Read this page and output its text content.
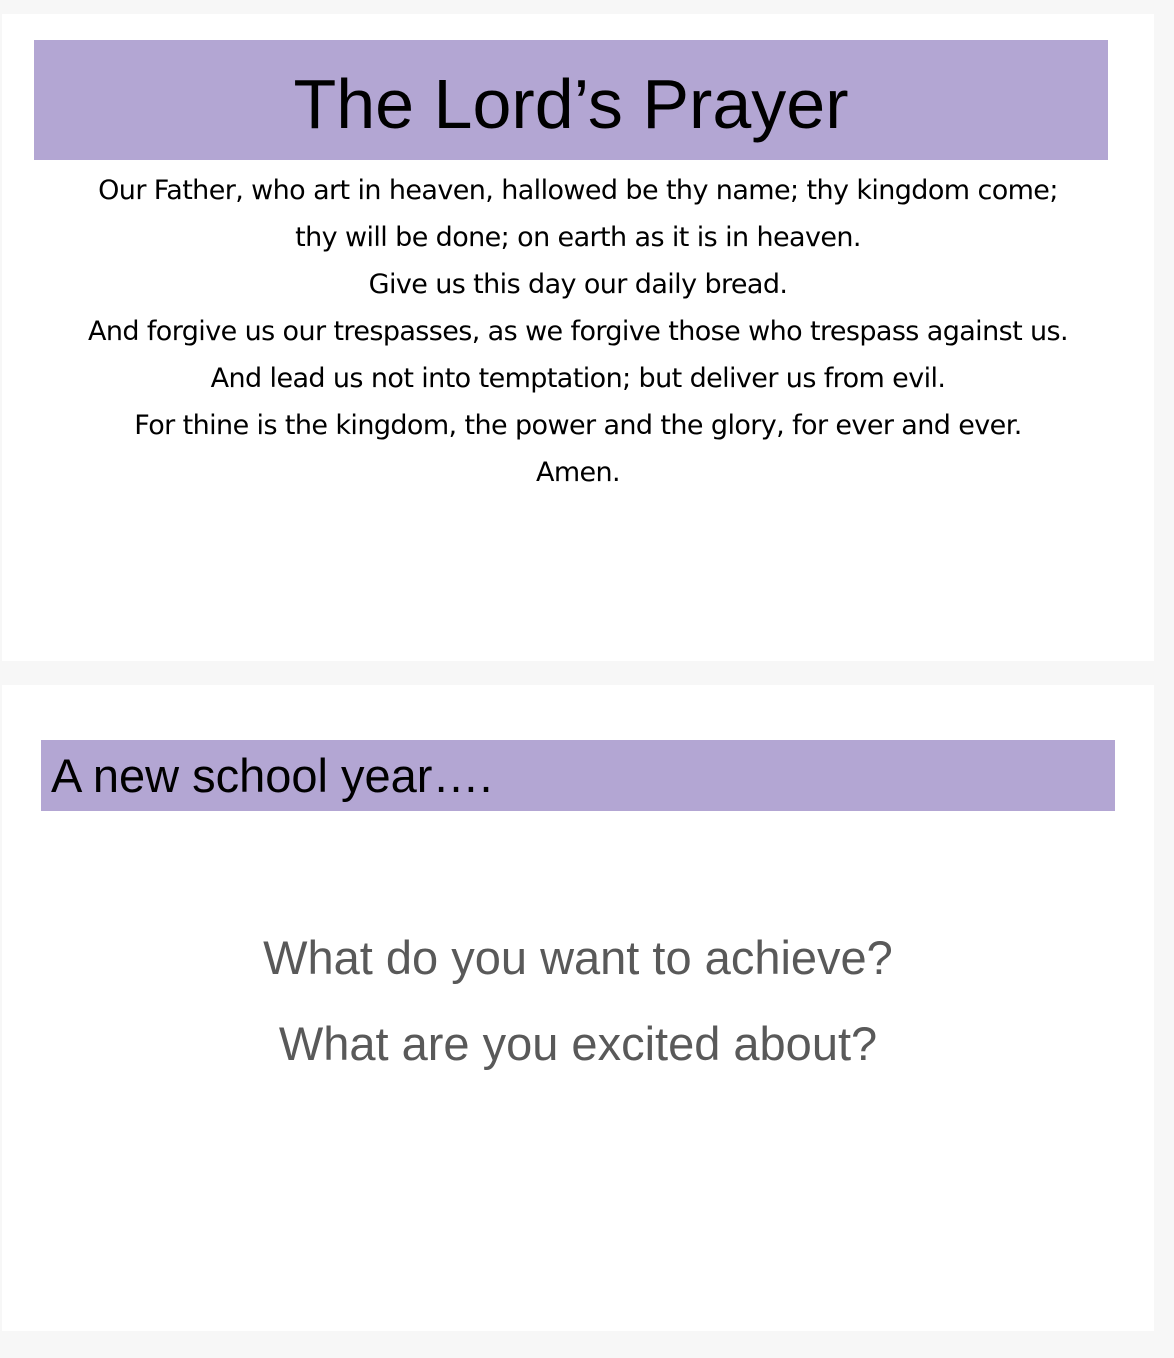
The Lord’s Prayer
Our Father, who art in heaven, hallowed be thy name; thy kingdom come;
thy will be done; on earth as it is in heaven.
Give us this day our daily bread.
And forgive us our trespasses, as we forgive those who trespass against us.
And lead us not into temptation; but deliver us from evil.
For thine is the kingdom, the power and the glory, for ever and ever.
Amen.
A new school year….
What do you want to achieve?
What are you excited about?
